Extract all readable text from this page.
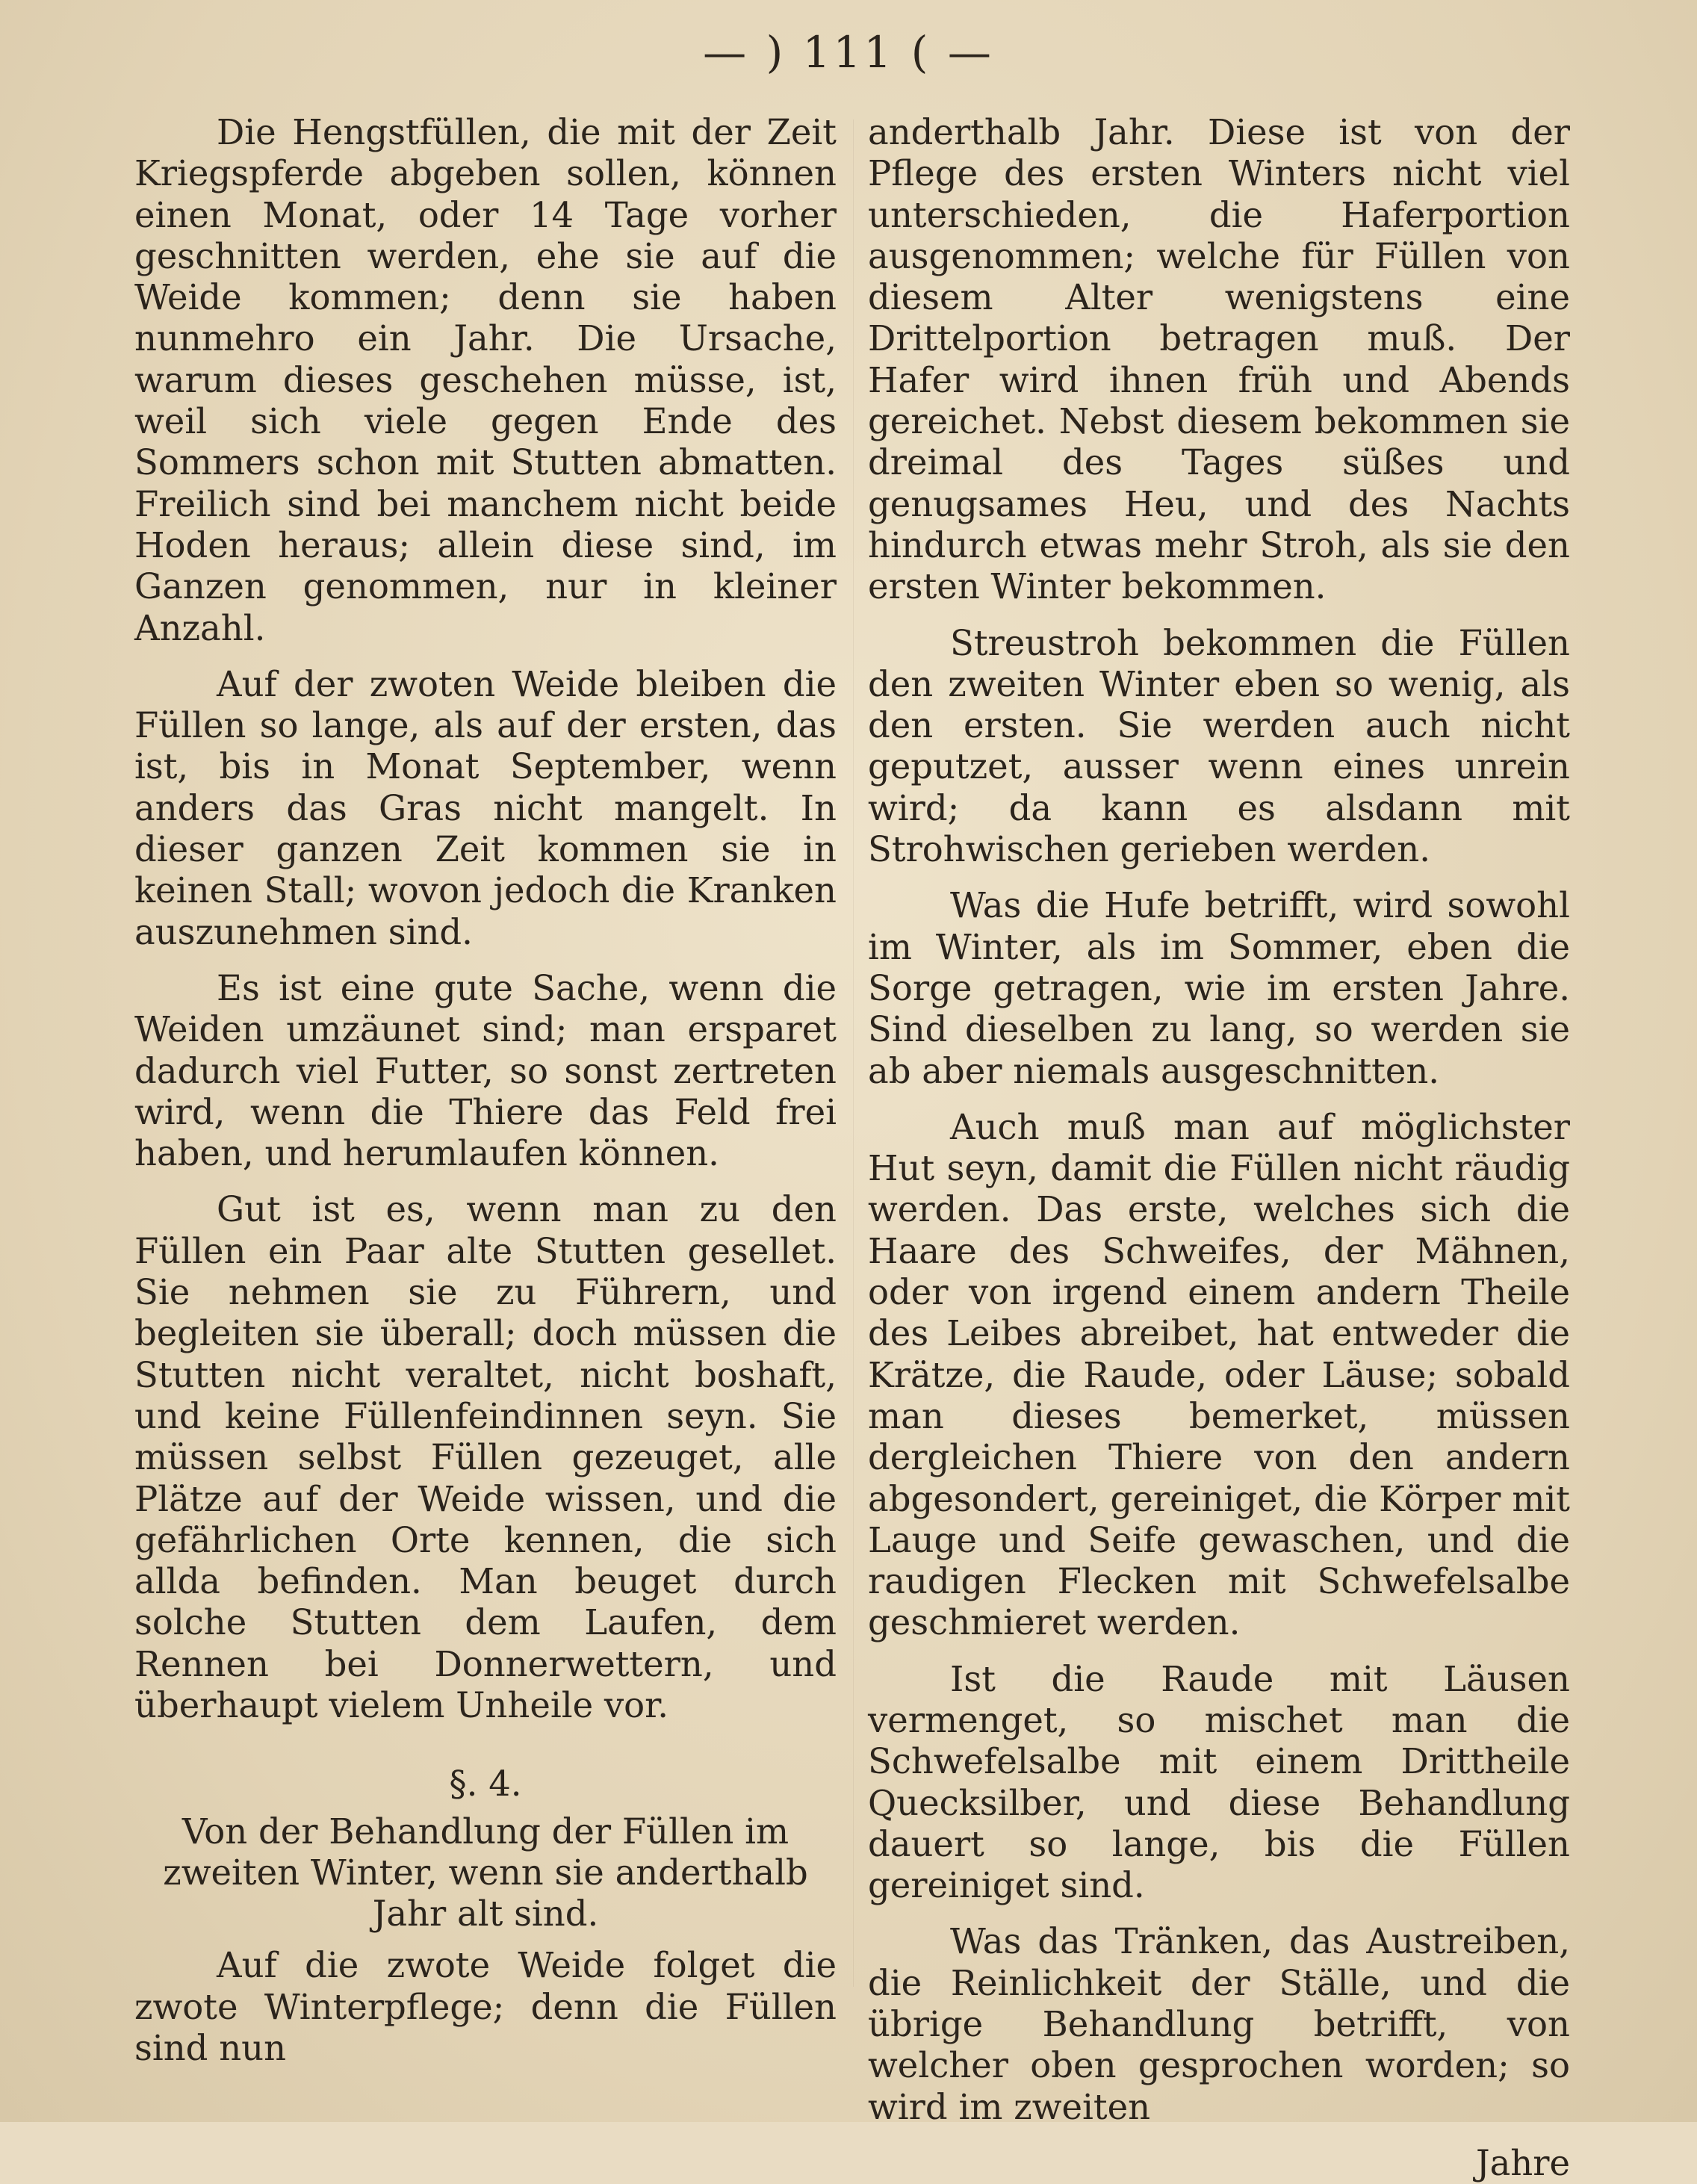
— ) 111 ( —

Die Hengstfüllen, die mit der Zeit Kriegspferde abgeben sollen, können einen Monat, oder 14 Tage vorher geschnitten werden, ehe sie auf die Weide kommen; denn sie haben nunmehro ein Jahr. Die Ursache, warum dieses geschehen müsse, ist, weil sich viele gegen Ende des Sommers schon mit Stutten abmatten. Freilich sind bei manchem nicht beide Hoden heraus; allein diese sind, im Ganzen genommen, nur in kleiner Anzahl.

Auf der zwoten Weide bleiben die Füllen so lange, als auf der ersten, das ist, bis in Monat September, wenn anders das Gras nicht mangelt. In dieser ganzen Zeit kommen sie in keinen Stall; wovon jedoch die Kranken auszunehmen sind.

Es ist eine gute Sache, wenn die Weiden umzäunet sind; man ersparet dadurch viel Futter, so sonst zertreten wird, wenn die Thiere das Feld frei haben, und herumlaufen können.

Gut ist es, wenn man zu den Füllen ein Paar alte Stutten gesellet. Sie nehmen sie zu Führern, und begleiten sie überall; doch müssen die Stutten nicht veraltet, nicht boshaft, und keine Füllenfeindinnen seyn. Sie müssen selbst Füllen gezeuget, alle Plätze auf der Weide wissen, und die gefährlichen Orte kennen, die sich allda befinden. Man beuget durch solche Stutten dem Laufen, dem Rennen bei Donnerwettern, und überhaupt vielem Unheile vor.

§. 4.

Von der Behandlung der Füllen im zweiten Winter, wenn sie anderthalb Jahr alt sind.

Auf die zwote Weide folget die zwote Winterpflege; denn die Füllen sind nun

anderthalb Jahr. Diese ist von der Pflege des ersten Winters nicht viel unterschieden, die Haferportion ausgenommen; welche für Füllen von diesem Alter wenigstens eine Drittelportion betragen muß. Der Hafer wird ihnen früh und Abends gereichet. Nebst diesem bekommen sie dreimal des Tages süßes und genugsames Heu, und des Nachts hindurch etwas mehr Stroh, als sie den ersten Winter bekommen.

Streustroh bekommen die Füllen den zweiten Winter eben so wenig, als den ersten. Sie werden auch nicht geputzet, ausser wenn eines unrein wird; da kann es alsdann mit Strohwischen gerieben werden.

Was die Hufe betrifft, wird sowohl im Winter, als im Sommer, eben die Sorge getragen, wie im ersten Jahre. Sind dieselben zu lang, so werden sie ab aber niemals ausgeschnitten.

Auch muß man auf möglichster Hut seyn, damit die Füllen nicht räudig werden. Das erste, welches sich die Haare des Schweifes, der Mähnen, oder von irgend einem andern Theile des Leibes abreibet, hat entweder die Krätze, die Raude, oder Läuse; sobald man dieses bemerket, müssen dergleichen Thiere von den andern abgesondert, gereiniget, die Körper mit Lauge und Seife gewaschen, und die raudigen Flecken mit Schwefelsalbe geschmieret werden.

Ist die Raude mit Läusen vermenget, so mischet man die Schwefelsalbe mit einem Drittheile Quecksilber, und diese Behandlung dauert so lange, bis die Füllen gereiniget sind.

Was das Tränken, das Austreiben, die Reinlichkeit der Ställe, und die übrige Behandlung betrifft, von welcher oben gesprochen worden; so wird im zweiten

Jahre
